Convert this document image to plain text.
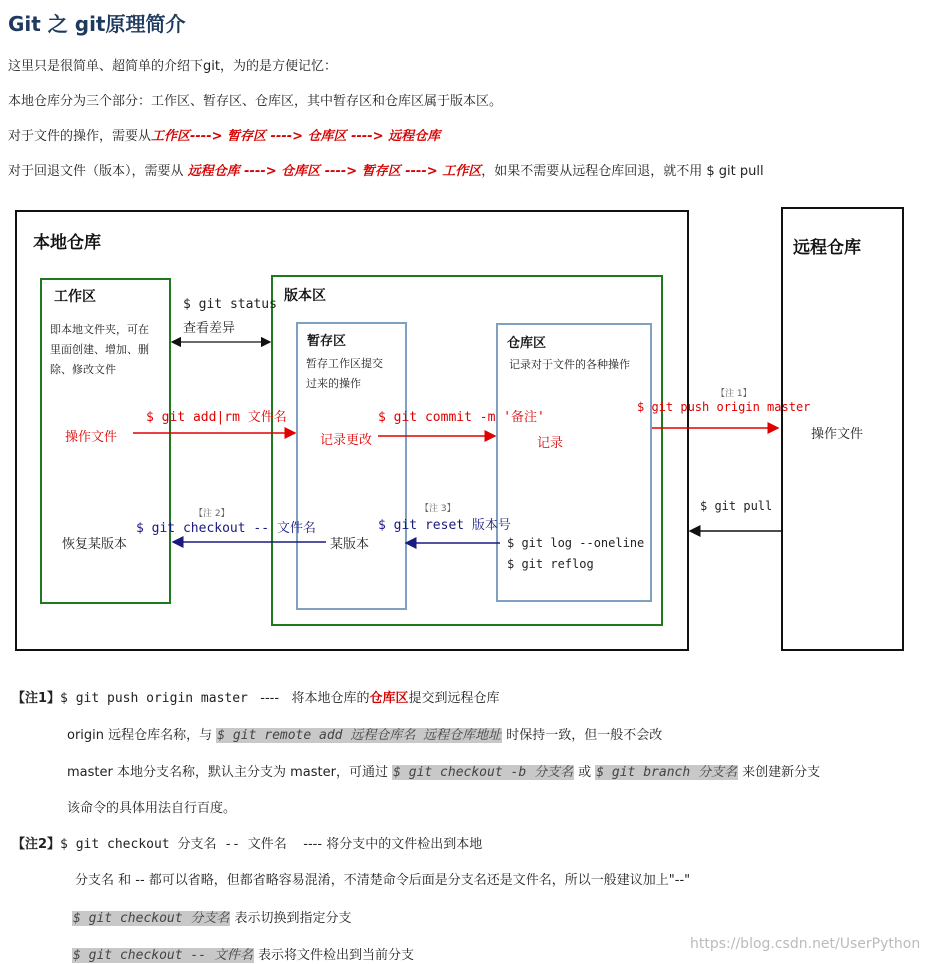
Git 之 git原理简介
这里只是很简单、超简单的介绍下git，为的是方便记忆：
本地仓库分为三个部分：工作区、暂存区、仓库区，其中暂存区和仓库区属于版本区。
对于文件的操作，需要从工作区----> 暂存区 ----> 仓库区 ----> 远程仓库
对于回退文件（版本），需要从 远程仓库 ----> 仓库区 ----> 暂存区 ----> 工作区，如果不需要从远程仓库回退，就不用 $ git pull
本地仓库	远程仓库
工作区
即本地文件夹，可在
里面创建、增加、删
除、修改文件
版本区
暂存区
暂存工作区提交
过来的操作
仓库区
记录对于文件的各种操作
$ git status
查看差异
$ git add|rm 文件名	$ git commit -m '备注'
【注 1】
$ git push origin master
操作文件	记录更改	记录
操作文件
$ git pull
【注 2】
$ git checkout -- 文件名
【注 3】
$ git reset 版本号
恢复某版本	某版本	$ git log --oneline
$ git reflog
【注1】$ git push origin master ---- 将本地仓库的仓库区提交到远程仓库
origin 远程仓库名称，与 $ git remote add 远程仓库名 远程仓库地址 时保持一致，但一般不会改
master 本地分支名称，默认主分支为 master，可通过 $ git checkout -b 分支名 或 $ git branch 分支名 来创建新分支
该命令的具体用法自行百度。
【注2】$ git checkout 分支名 -- 文件名 ---- 将分支中的文件检出到本地
分支名 和 -- 都可以省略，但都省略容易混淆，不清楚命令后面是分支名还是文件名，所以一般建议加上"--"
$ git checkout 分支名 表示切换到指定分支
$ git checkout -- 文件名 表示将文件检出到当前分支
https://blog.csdn.net/UserPython
